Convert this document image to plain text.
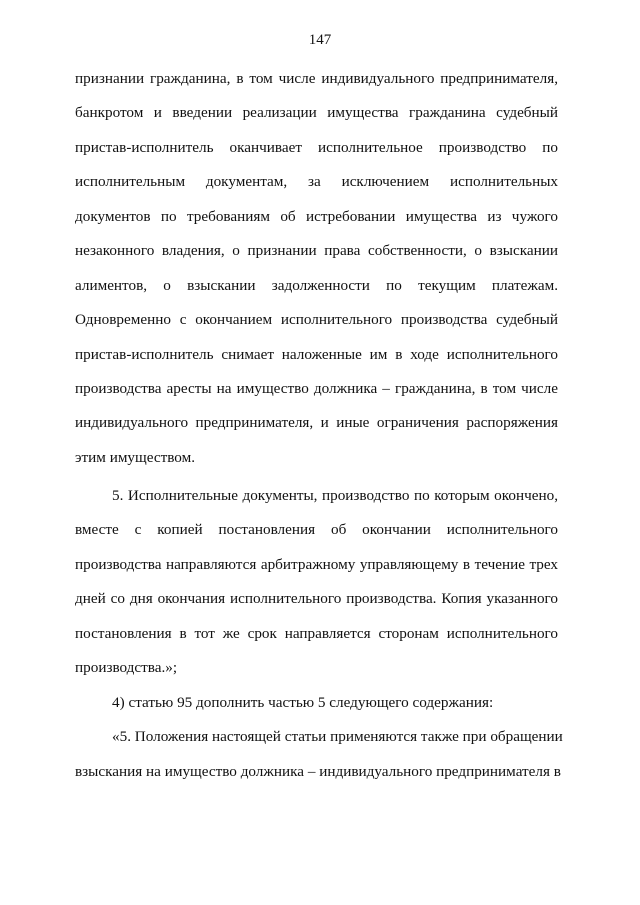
147
признании гражданина, в том числе индивидуального предпринимателя,
банкротом и введении реализации имущества гражданина судебный
пристав-исполнитель оканчивает исполнительное производство по
исполнительным документам, за исключением исполнительных
документов по требованиям об истребовании имущества из чужого
незаконного владения, о признании права собственности, о взыскании
алиментов, о взыскании задолженности по текущим платежам.
Одновременно с окончанием исполнительного производства судебный
пристав-исполнитель снимает наложенные им в ходе исполнительного
производства аресты на имущество должника – гражданина, в том числе
индивидуального предпринимателя, и иные ограничения распоряжения
этим имуществом.
5. Исполнительные документы, производство по которым окончено,
вместе с копией постановления об окончании исполнительного
производства направляются арбитражному управляющему в течение трех
дней со дня окончания исполнительного производства. Копия указанного
постановления в тот же срок направляется сторонам исполнительного
производства.»;
4) статью 95 дополнить частью 5 следующего содержания:
«5. Положения настоящей статьи применяются также при обращении
взыскания на имущество должника – индивидуального предпринимателя в
